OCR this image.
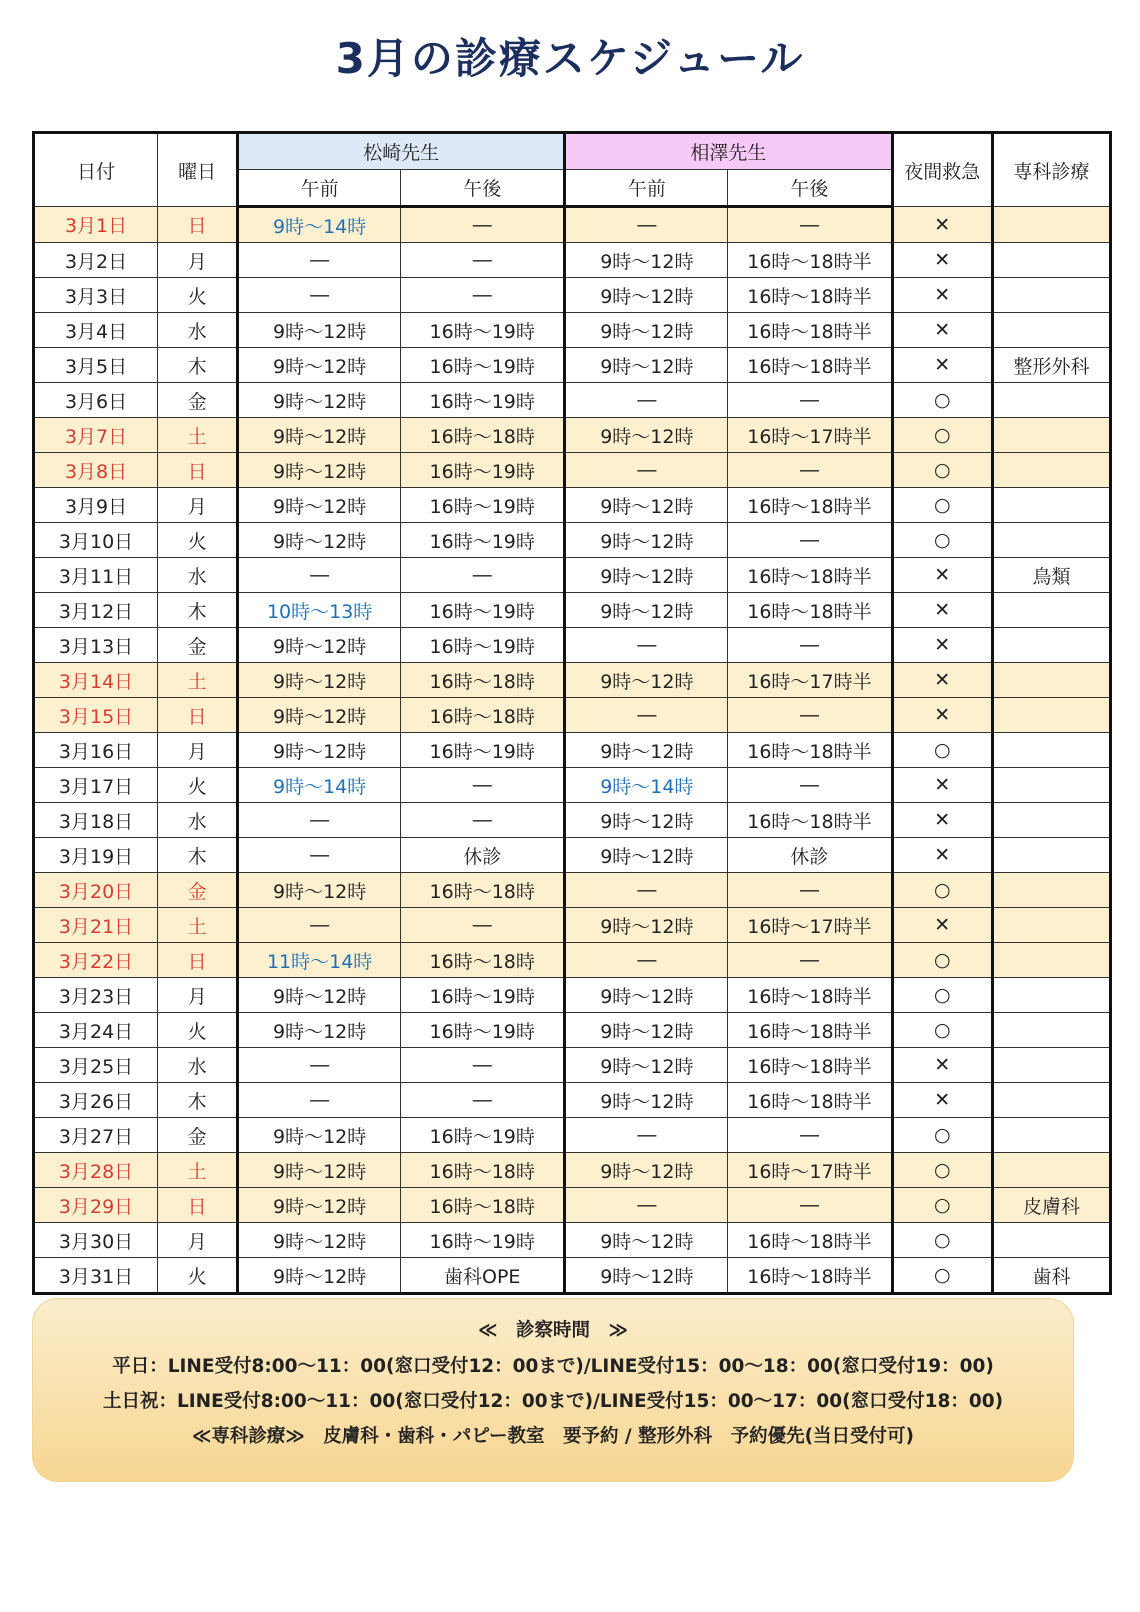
3月の診療スケジュール
日付	曜日	松崎先生		相澤先生		夜間救急	専科診療
		午前	午後	午前	午後		
3月1日	日	9時～14時	―	―	―	✕	
3月2日	月	―	―	9時～12時	16時～18時半	✕	
3月3日	火	―	―	9時～12時	16時～18時半	✕	
3月4日	水	9時～12時	16時～19時	9時～12時	16時～18時半	✕	
3月5日	木	9時～12時	16時～19時	9時～12時	16時～18時半	✕	整形外科
3月6日	金	9時～12時	16時～19時	―	―	○	
3月7日	土	9時～12時	16時～18時	9時～12時	16時～17時半	○	
3月8日	日	9時～12時	16時～19時	―	―	○	
3月9日	月	9時～12時	16時～19時	9時～12時	16時～18時半	○	
3月10日	火	9時～12時	16時～19時	9時～12時	―	○	
3月11日	水	―	―	9時～12時	16時～18時半	✕	鳥類
3月12日	木	10時～13時	16時～19時	9時～12時	16時～18時半	✕	
3月13日	金	9時～12時	16時～19時	―	―	✕	
3月14日	土	9時～12時	16時～18時	9時～12時	16時～17時半	✕	
3月15日	日	9時～12時	16時～18時	―	―	✕	
3月16日	月	9時～12時	16時～19時	9時～12時	16時～18時半	○	
3月17日	火	9時～14時	―	9時～14時	―	✕	
3月18日	水	―	―	9時～12時	16時～18時半	✕	
3月19日	木	―	休診	9時～12時	休診	✕	
3月20日	金	9時～12時	16時～18時	―	―	○	
3月21日	土	―	―	9時～12時	16時～17時半	✕	
3月22日	日	11時～14時	16時～18時	―	―	○	
3月23日	月	9時～12時	16時～19時	9時～12時	16時～18時半	○	
3月24日	火	9時～12時	16時～19時	9時～12時	16時～18時半	○	
3月25日	水	―	―	9時～12時	16時～18時半	✕	
3月26日	木	―	―	9時～12時	16時～18時半	✕	
3月27日	金	9時～12時	16時～19時	―	―	○	
3月28日	土	9時～12時	16時～18時	9時～12時	16時～17時半	○	
3月29日	日	9時～12時	16時～18時	―	―	○	皮膚科
3月30日	月	9時～12時	16時～19時	9時～12時	16時～18時半	○	
3月31日	火	9時～12時	歯科OPE	9時～12時	16時～18時半	○	歯科
≪　診察時間　≫
平日：LINE受付8:00～11：00(窓口受付12：00まで)/LINE受付15：00～18：00(窓口受付19：00)
土日祝：LINE受付8:00～11：00(窓口受付12：00まで)/LINE受付15：00～17：00(窓口受付18：00)
≪専科診療≫　皮膚科・歯科・パピー教室　要予約 / 整形外科　予約優先(当日受付可)
